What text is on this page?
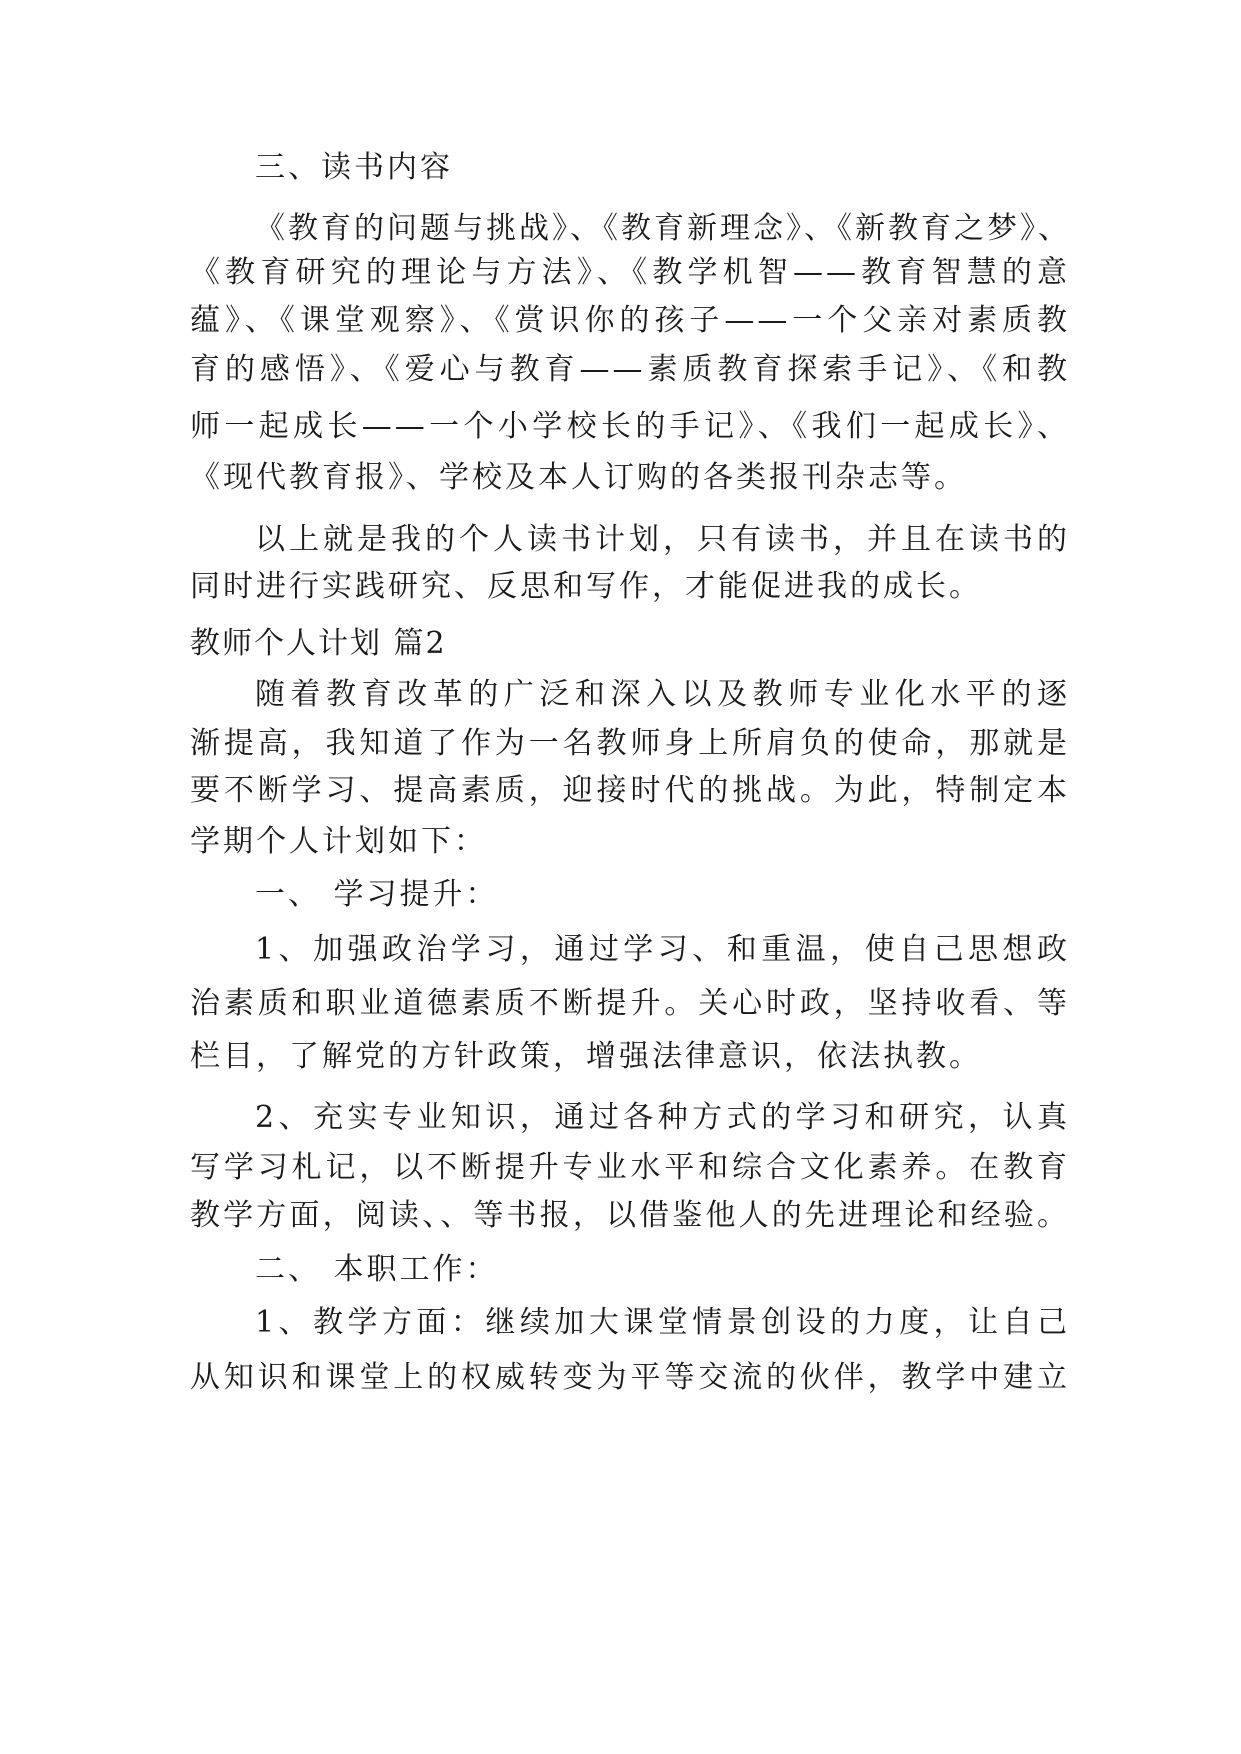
三、读书内容
《教育的问题与挑战》、《教育新理念》、《新教育之梦》、
《教育研究的理论与方法》、《教学机智——教育智慧的意
蕴》、《课堂观察》、《赏识你的孩子——一个父亲对素质教
育的感悟》、《爱心与教育——素质教育探索手记》、《和教
师一起成长——一个小学校长的手记》、《我们一起成长》、
《现代教育报》、学校及本人订购的各类报刊杂志等。
以上就是我的个人读书计划，只有读书，并且在读书的
同时进行实践研究、反思和写作，才能促进我的成长。
教师个人计划 篇2
随着教育改革的广泛和深入以及教师专业化水平的逐
渐提高，我知道了作为一名教师身上所肩负的使命，那就是
要不断学习、提高素质，迎接时代的挑战。为此，特制定本
学期个人计划如下：
一、 学习提升：
1、加强政治学习，通过学习、和重温，使自己思想政
治素质和职业道德素质不断提升。关心时政，坚持收看、等
栏目，了解党的方针政策，增强法律意识，依法执教。
2、充实专业知识，通过各种方式的学习和研究，认真
写学习札记，以不断提升专业水平和综合文化素养。在教育
教学方面，阅读、、等书报，以借鉴他人的先进理论和经验。
二、 本职工作：
1、教学方面：继续加大课堂情景创设的力度，让自己
从知识和课堂上的权威转变为平等交流的伙伴，教学中建立
